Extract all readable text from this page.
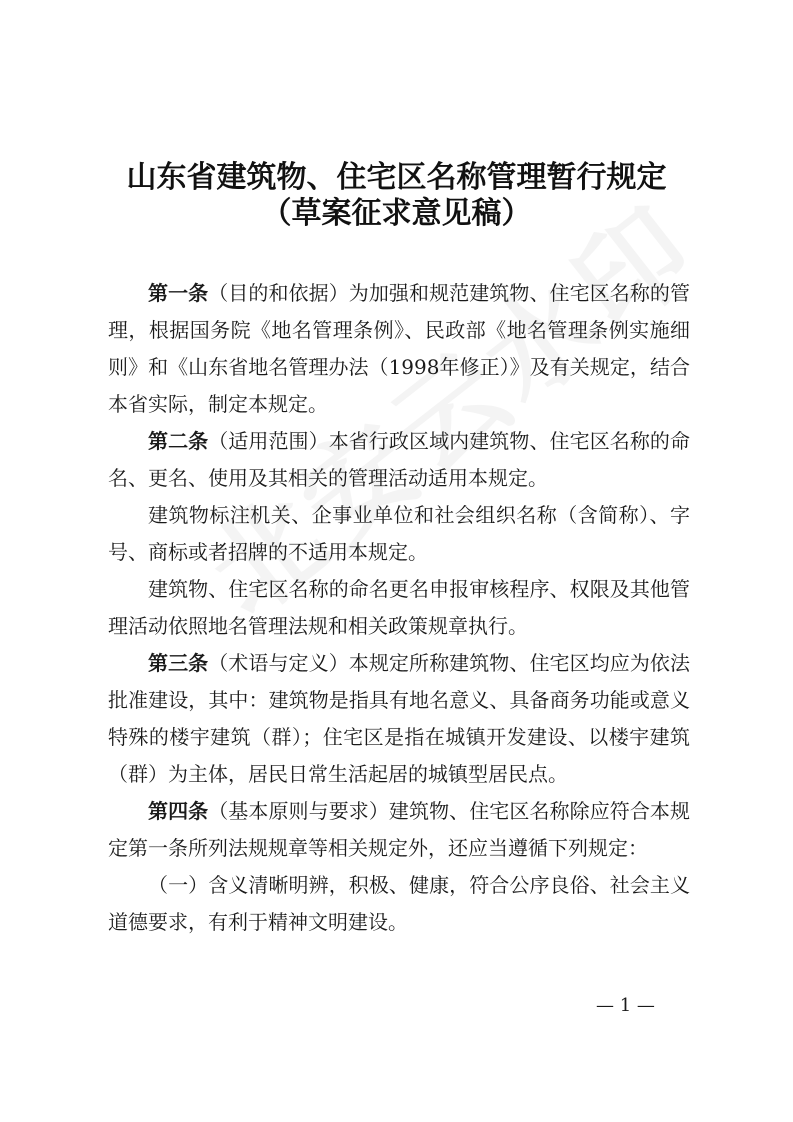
山东省建筑物、住宅区名称管理暂行规定
（草案征求意见稿）

第一条（目的和依据）为加强和规范建筑物、住宅区名称的管理，根据国务院《地名管理条例》、民政部《地名管理条例实施细则》和《山东省地名管理办法（1998年修正）》及有关规定，结合本省实际，制定本规定。

第二条（适用范围）本省行政区域内建筑物、住宅区名称的命名、更名、使用及其相关的管理活动适用本规定。

建筑物标注机关、企事业单位和社会组织名称（含简称）、字号、商标或者招牌的不适用本规定。

建筑物、住宅区名称的命名更名申报审核程序、权限及其他管理活动依照地名管理法规和相关政策规章执行。

第三条（术语与定义）本规定所称建筑物、住宅区均应为依法批准建设，其中：建筑物是指具有地名意义、具备商务功能或意义特殊的楼宇建筑（群）；住宅区是指在城镇开发建设、以楼宇建筑（群）为主体，居民日常生活起居的城镇型居民点。

第四条（基本原则与要求）建筑物、住宅区名称除应符合本规定第一条所列法规规章等相关规定外，还应当遵循下列规定：

（一）含义清晰明辨，积极、健康，符合公序良俗、社会主义道德要求，有利于精神文明建设。

— 1 —
